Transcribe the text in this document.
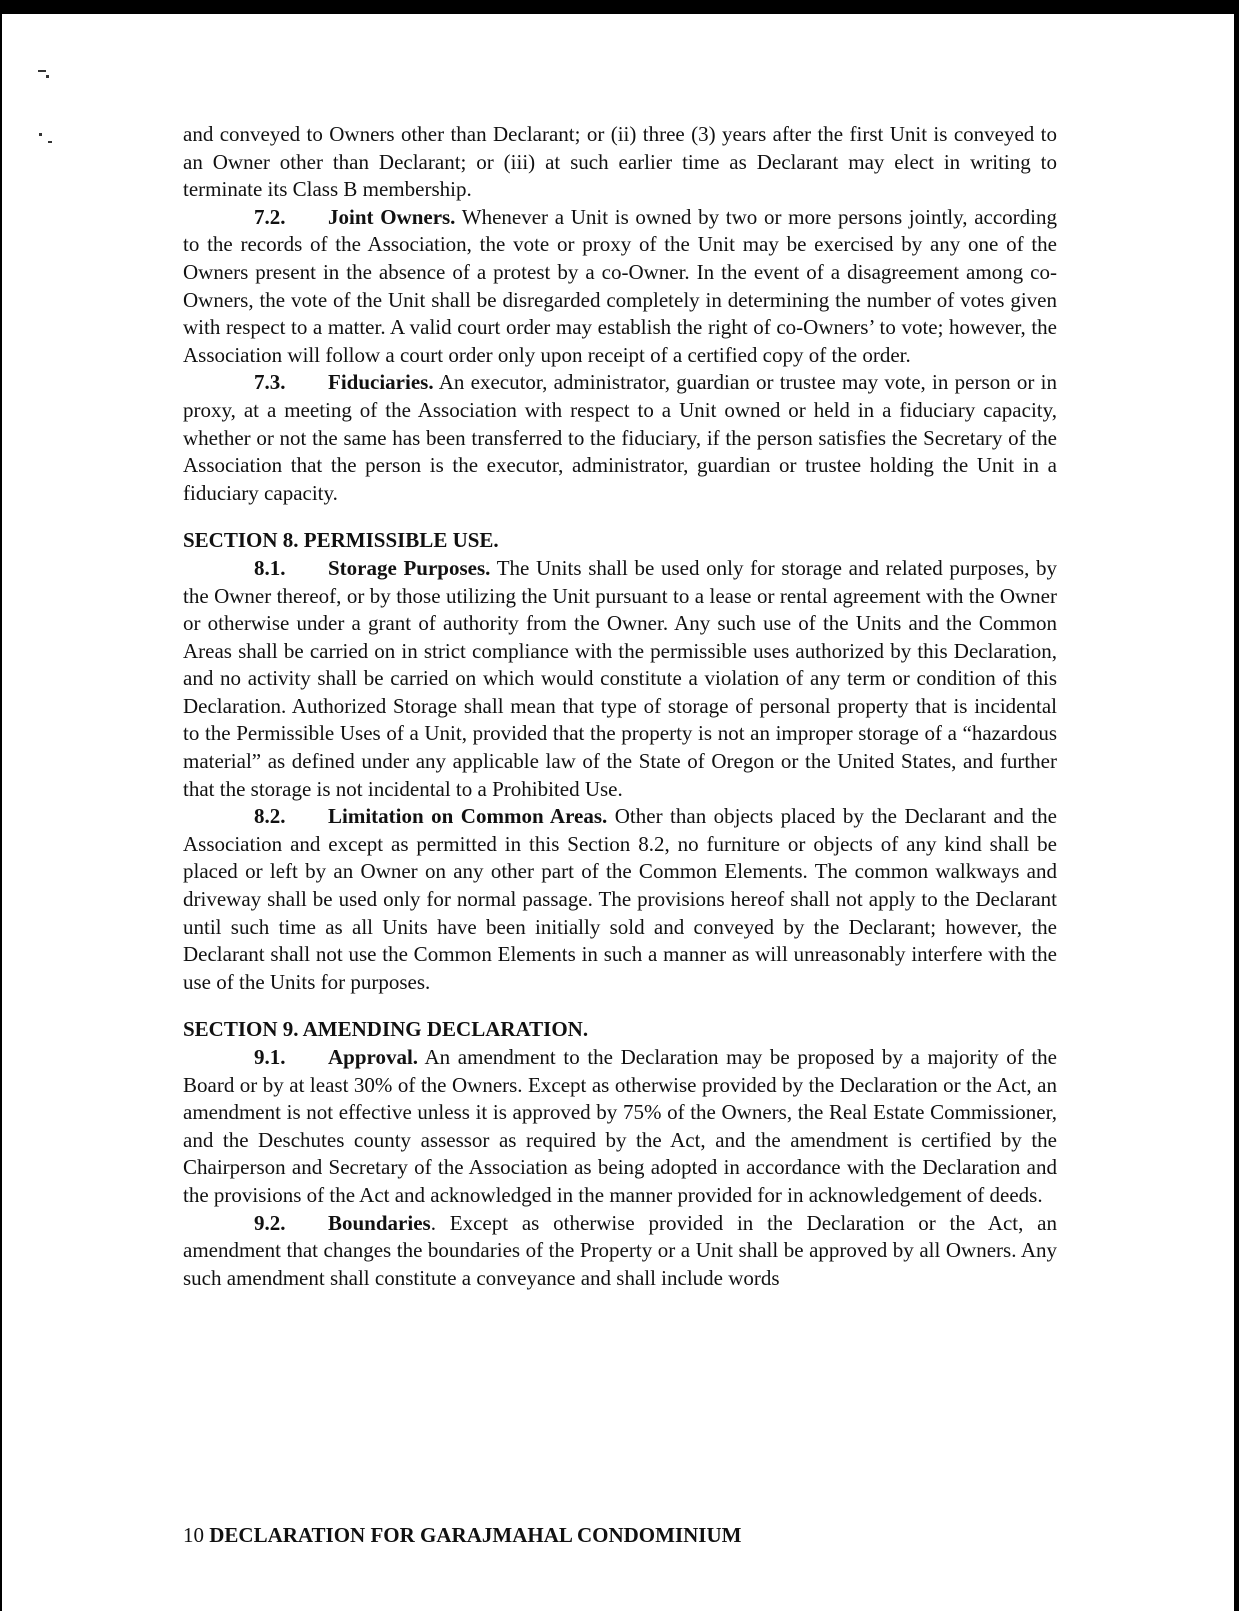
and conveyed to Owners other than Declarant; or (ii) three (3) years after the first Unit is conveyed to an Owner other than Declarant; or (iii) at such earlier time as Declarant may elect in writing to terminate its Class B membership.

7.2. Joint Owners. Whenever a Unit is owned by two or more persons jointly, according to the records of the Association, the vote or proxy of the Unit may be exercised by any one of the Owners present in the absence of a protest by a co-Owner. In the event of a disagreement among co-Owners, the vote of the Unit shall be disregarded completely in determining the number of votes given with respect to a matter. A valid court order may establish the right of co-Owners’ to vote; however, the Association will follow a court order only upon receipt of a certified copy of the order.

7.3. Fiduciaries. An executor, administrator, guardian or trustee may vote, in person or in proxy, at a meeting of the Association with respect to a Unit owned or held in a fiduciary capacity, whether or not the same has been transferred to the fiduciary, if the person satisfies the Secretary of the Association that the person is the executor, administrator, guardian or trustee holding the Unit in a fiduciary capacity.

SECTION 8. PERMISSIBLE USE.

8.1. Storage Purposes. The Units shall be used only for storage and related purposes, by the Owner thereof, or by those utilizing the Unit pursuant to a lease or rental agreement with the Owner or otherwise under a grant of authority from the Owner. Any such use of the Units and the Common Areas shall be carried on in strict compliance with the permissible uses authorized by this Declaration, and no activity shall be carried on which would constitute a violation of any term or condition of this Declaration. Authorized Storage shall mean that type of storage of personal property that is incidental to the Permissible Uses of a Unit, provided that the property is not an improper storage of a “hazardous material” as defined under any applicable law of the State of Oregon or the United States, and further that the storage is not incidental to a Prohibited Use.

8.2. Limitation on Common Areas. Other than objects placed by the Declarant and the Association and except as permitted in this Section 8.2, no furniture or objects of any kind shall be placed or left by an Owner on any other part of the Common Elements. The common walkways and driveway shall be used only for normal passage. The provisions hereof shall not apply to the Declarant until such time as all Units have been initially sold and conveyed by the Declarant; however, the Declarant shall not use the Common Elements in such a manner as will unreasonably interfere with the use of the Units for purposes.

SECTION 9. AMENDING DECLARATION.

9.1. Approval. An amendment to the Declaration may be proposed by a majority of the Board or by at least 30% of the Owners. Except as otherwise provided by the Declaration or the Act, an amendment is not effective unless it is approved by 75% of the Owners, the Real Estate Commissioner, and the Deschutes county assessor as required by the Act, and the amendment is certified by the Chairperson and Secretary of the Association as being adopted in accordance with the Declaration and the provisions of the Act and acknowledged in the manner provided for in acknowledgement of deeds.

9.2. Boundaries. Except as otherwise provided in the Declaration or the Act, an amendment that changes the boundaries of the Property or a Unit shall be approved by all Owners. Any such amendment shall constitute a conveyance and shall include words

10 DECLARATION FOR GARAJMAHAL CONDOMINIUM
